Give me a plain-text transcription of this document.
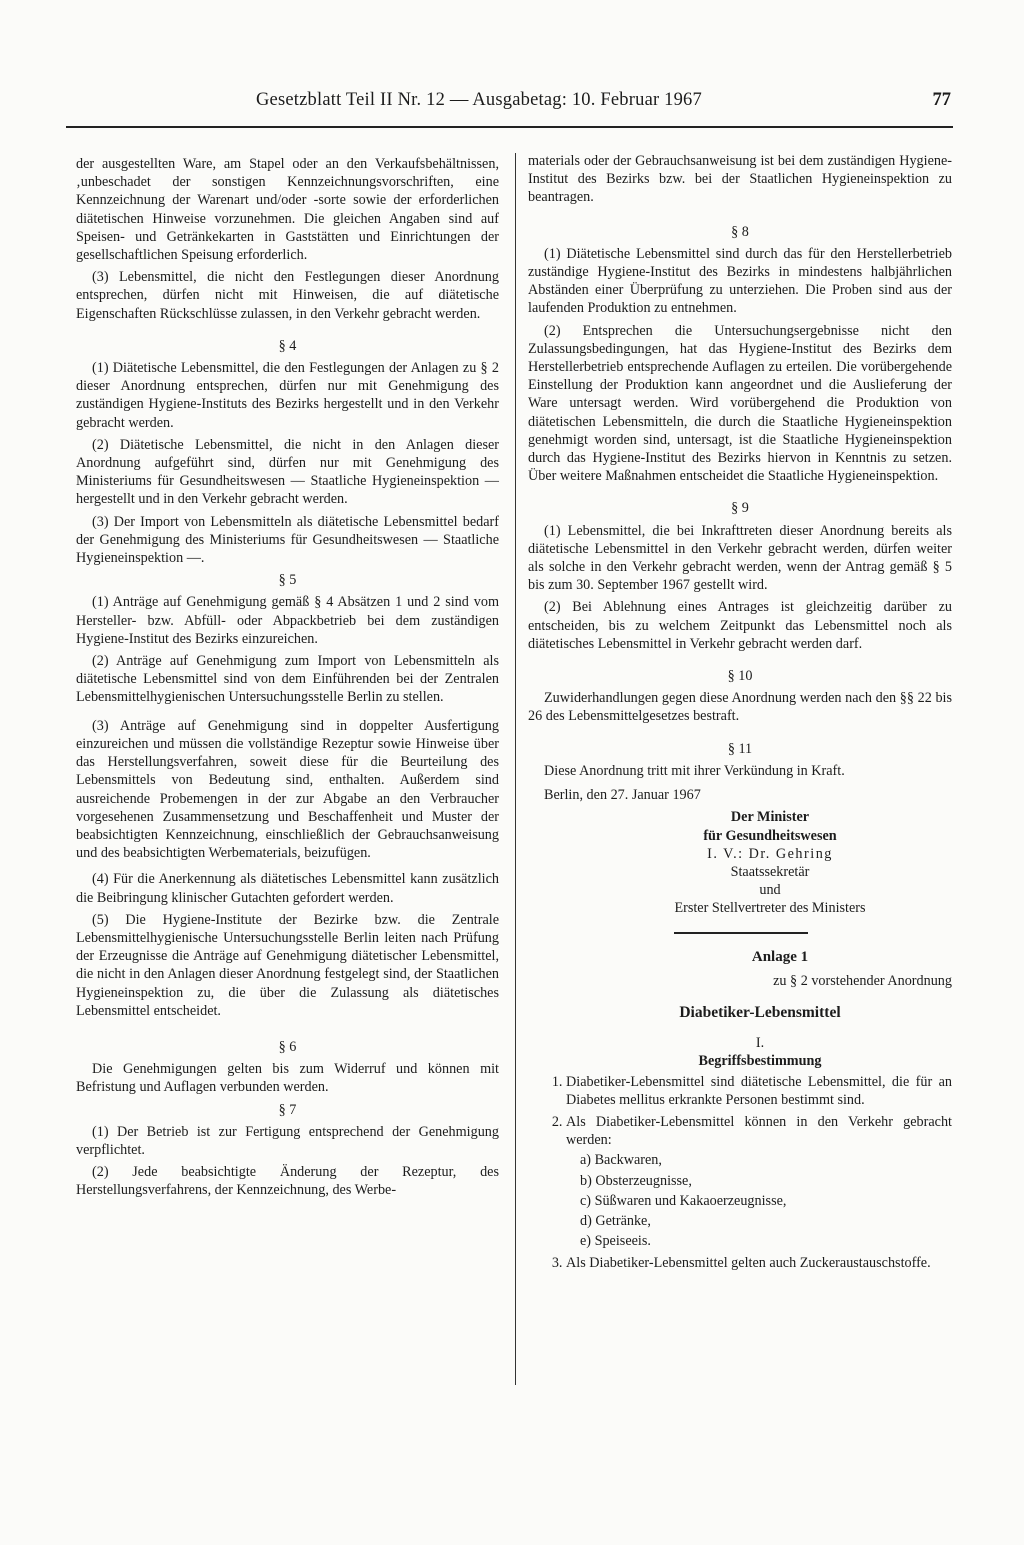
Gesetzblatt Teil II Nr. 12 — Ausgabetag: 10. Februar 1967	77

der ausgestellten Ware, am Stapel oder an den Verkaufsbehältnissen,‚unbeschadet der sonstigen Kennzeichnungsvorschriften, eine Kennzeichnung der Warenart und/oder -sorte sowie der erforderlichen diätetischen Hinweise vorzunehmen. Die gleichen Angaben sind auf Speisen- und Getränkekarten in Gaststätten und Einrichtungen der gesellschaftlichen Speisung erforderlich.

(3) Lebensmittel, die nicht den Festlegungen dieser Anordnung entsprechen, dürfen nicht mit Hinweisen, die auf diätetische Eigenschaften Rückschlüsse zulassen, in den Verkehr gebracht werden.

§ 4

(1) Diätetische Lebensmittel, die den Festlegungen der Anlagen zu § 2 dieser Anordnung entsprechen, dürfen nur mit Genehmigung des zuständigen Hygiene-Instituts des Bezirks hergestellt und in den Verkehr gebracht werden.

(2) Diätetische Lebensmittel, die nicht in den Anlagen dieser Anordnung aufgeführt sind, dürfen nur mit Genehmigung des Ministeriums für Gesundheitswesen — Staatliche Hygieneinspektion — hergestellt und in den Verkehr gebracht werden.

(3) Der Import von Lebensmitteln als diätetische Lebensmittel bedarf der Genehmigung des Ministeriums für Gesundheitswesen — Staatliche Hygieneinspektion —.

§ 5

(1) Anträge auf Genehmigung gemäß § 4 Absätzen 1 und 2 sind vom Hersteller- bzw. Abfüll- oder Abpackbetrieb bei dem zuständigen Hygiene-Institut des Bezirks einzureichen.

(2) Anträge auf Genehmigung zum Import von Lebensmitteln als diätetische Lebensmittel sind von dem Einführenden bei der Zentralen Lebensmittelhygienischen Untersuchungsstelle Berlin zu stellen.

(3) Anträge auf Genehmigung sind in doppelter Ausfertigung einzureichen und müssen die vollständige Rezeptur sowie Hinweise über das Herstellungsverfahren, soweit diese für die Beurteilung des Lebensmittels von Bedeutung sind, enthalten. Außerdem sind ausreichende Probemengen in der zur Abgabe an den Verbraucher vorgesehenen Zusammensetzung und Beschaffenheit und Muster der beabsichtigten Kennzeichnung, einschließlich der Gebrauchsanweisung und des beabsichtigten Werbematerials, beizufügen.

(4) Für die Anerkennung als diätetisches Lebensmittel kann zusätzlich die Beibringung klinischer Gutachten gefordert werden.

(5) Die Hygiene-Institute der Bezirke bzw. die Zentrale Lebensmittelhygienische Untersuchungsstelle Berlin leiten nach Prüfung der Erzeugnisse die Anträge auf Genehmigung diätetischer Lebensmittel, die nicht in den Anlagen dieser Anordnung festgelegt sind, der Staatlichen Hygieneinspektion zu, die über die Zulassung als diätetisches Lebensmittel entscheidet.

§ 6

Die Genehmigungen gelten bis zum Widerruf und können mit Befristung und Auflagen verbunden werden.

§ 7

(1) Der Betrieb ist zur Fertigung entsprechend der Genehmigung verpflichtet.

(2) Jede beabsichtigte Änderung der Rezeptur, des Herstellungsverfahrens, der Kennzeichnung, des Werbe-

materials oder der Gebrauchsanweisung ist bei dem zuständigen Hygiene-Institut des Bezirks bzw. bei der Staatlichen Hygieneinspektion zu beantragen.

§ 8

(1) Diätetische Lebensmittel sind durch das für den Herstellerbetrieb zuständige Hygiene-Institut des Bezirks in mindestens halbjährlichen Abständen einer Überprüfung zu unterziehen. Die Proben sind aus der laufenden Produktion zu entnehmen.

(2) Entsprechen die Untersuchungsergebnisse nicht den Zulassungsbedingungen, hat das Hygiene-Institut des Bezirks dem Herstellerbetrieb entsprechende Auflagen zu erteilen. Die vorübergehende Einstellung der Produktion kann angeordnet und die Auslieferung der Ware untersagt werden. Wird vorübergehend die Produktion von diätetischen Lebensmitteln, die durch die Staatliche Hygieneinspektion genehmigt worden sind, untersagt, ist die Staatliche Hygieneinspektion durch das Hygiene-Institut des Bezirks hiervon in Kenntnis zu setzen. Über weitere Maßnahmen entscheidet die Staatliche Hygieneinspektion.

§ 9

(1) Lebensmittel, die bei Inkrafttreten dieser Anordnung bereits als diätetische Lebensmittel in den Verkehr gebracht werden, dürfen weiter als solche in den Verkehr gebracht werden, wenn der Antrag gemäß § 5 bis zum 30. September 1967 gestellt wird.

(2) Bei Ablehnung eines Antrages ist gleichzeitig darüber zu entscheiden, bis zu welchem Zeitpunkt das Lebensmittel noch als diätetisches Lebensmittel in Verkehr gebracht werden darf.

§ 10

Zuwiderhandlungen gegen diese Anordnung werden nach den §§ 22 bis 26 des Lebensmittelgesetzes bestraft.

§ 11

Diese Anordnung tritt mit ihrer Verkündung in Kraft.

Berlin, den 27. Januar 1967

Der Minister
für Gesundheitswesen
I. V.: Dr. Gehring
Staatssekretär
und
Erster Stellvertreter des Ministers
Anlage 1
zu § 2 vorstehender Anordnung
Diabetiker-Lebensmittel
I.
Begriffsbestimmung
1. Diabetiker-Lebensmittel sind diätetische Lebensmittel, die für an Diabetes mellitus erkrankte Personen bestimmt sind.
2. Als Diabetiker-Lebensmittel können in den Verkehr gebracht werden:
a) Backwaren,
b) Obsterzeugnisse,
c) Süßwaren und Kakaoerzeugnisse,
d) Getränke,
e) Speiseeis.
3. Als Diabetiker-Lebensmittel gelten auch Zuckeraustauschstoffe.
